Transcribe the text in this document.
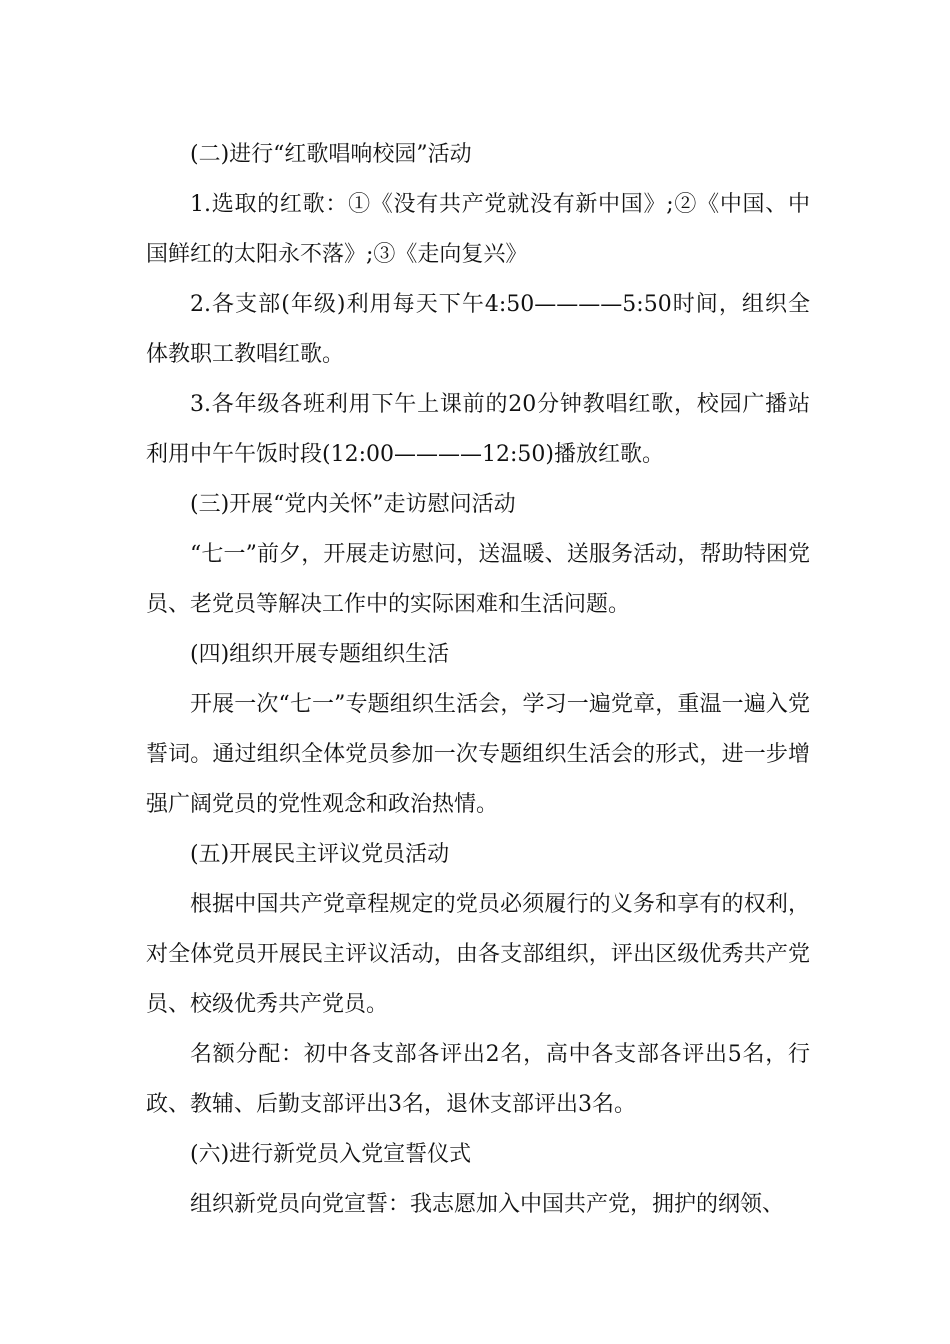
(二)进行“红歌唱响校园”活动

1.选取的红歌：①《没有共产党就没有新中国》;②《中国、中国鲜红的太阳永不落》;③《走向复兴》

2.各支部(年级)利用每天下午4:50————5:50时间，组织全体教职工教唱红歌。

3.各年级各班利用下午上课前的20分钟教唱红歌，校园广播站利用中午午饭时段(12:00————12:50)播放红歌。

(三)开展“党内关怀”走访慰问活动

“七一”前夕，开展走访慰问，送温暖、送服务活动，帮助特困党员、老党员等解决工作中的实际困难和生活问题。

(四)组织开展专题组织生活

开展一次“七一”专题组织生活会，学习一遍党章，重温一遍入党誓词。通过组织全体党员参加一次专题组织生活会的形式，进一步增强广阔党员的党性观念和政治热情。

(五)开展民主评议党员活动

根据中国共产党章程规定的党员必须履行的义务和享有的权利，对全体党员开展民主评议活动，由各支部组织，评出区级优秀共产党员、校级优秀共产党员。

名额分配：初中各支部各评出2名，高中各支部各评出5名，行政、教辅、后勤支部评出3名，退休支部评出3名。

(六)进行新党员入党宣誓仪式

组织新党员向党宣誓：我志愿加入中国共产党，拥护的纲领、
